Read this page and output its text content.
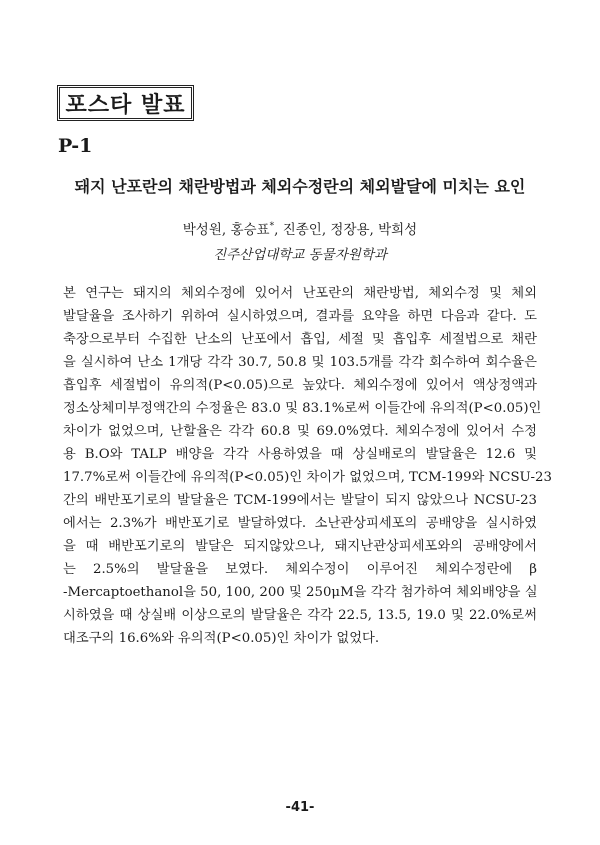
포스타 발표
P-1
돼지 난포란의 채란방법과 체외수정란의 체외발달에 미치는 요인
박성원, 홍승표*, 진종인, 정장용, 박희성
진주산업대학교 동물자원학과
본 연구는 돼지의 체외수정에 있어서 난포란의 채란방법, 체외수정 및 체외
발달율을 조사하기 위하여 실시하였으며, 결과를 요약을 하면 다음과 같다. 도
축장으로부터 수집한 난소의 난포에서 흡입, 세절 및 흡입후 세절법으로 채란
을 실시하여 난소 1개당 각각 30.7, 50.8 및 103.5개를 각각 회수하여 회수율은
흡입후 세절법이 유의적(P<0.05)으로 높았다. 체외수정에 있어서 액상정액과
정소상체미부정액간의 수정율은 83.0 및 83.1%로써 이들간에 유의적(P<0.05)인
차이가 없었으며, 난할율은 각각 60.8 및 69.0%였다. 체외수정에 있어서 수정
용 B.O와 TALP 배양을 각각 사용하였을 때 상실배로의 발달율은 12.6 및
17.7%로써 이들간에 유의적(P<0.05)인 차이가 없었으며, TCM-199와 NCSU-23
간의 배반포기로의 발달율은 TCM-199에서는 발달이 되지 않았으나 NCSU-23
에서는 2.3%가 배반포기로 발달하였다. 소난관상피세포의 공배양을 실시하였
을 때 배반포기로의 발달은 되지않았으나, 돼지난관상피세포와의 공배양에서
는 2.5%의 발달율을 보였다. 체외수정이 이루어진 체외수정란에 β
-Mercaptoethanol을 50, 100, 200 및 250μM을 각각 첨가하여 체외배양을 실
시하였을 때 상실배 이상으로의 발달율은 각각 22.5, 13.5, 19.0 및 22.0%로써
대조구의 16.6%와 유의적(P<0.05)인 차이가 없었다.
-41-
